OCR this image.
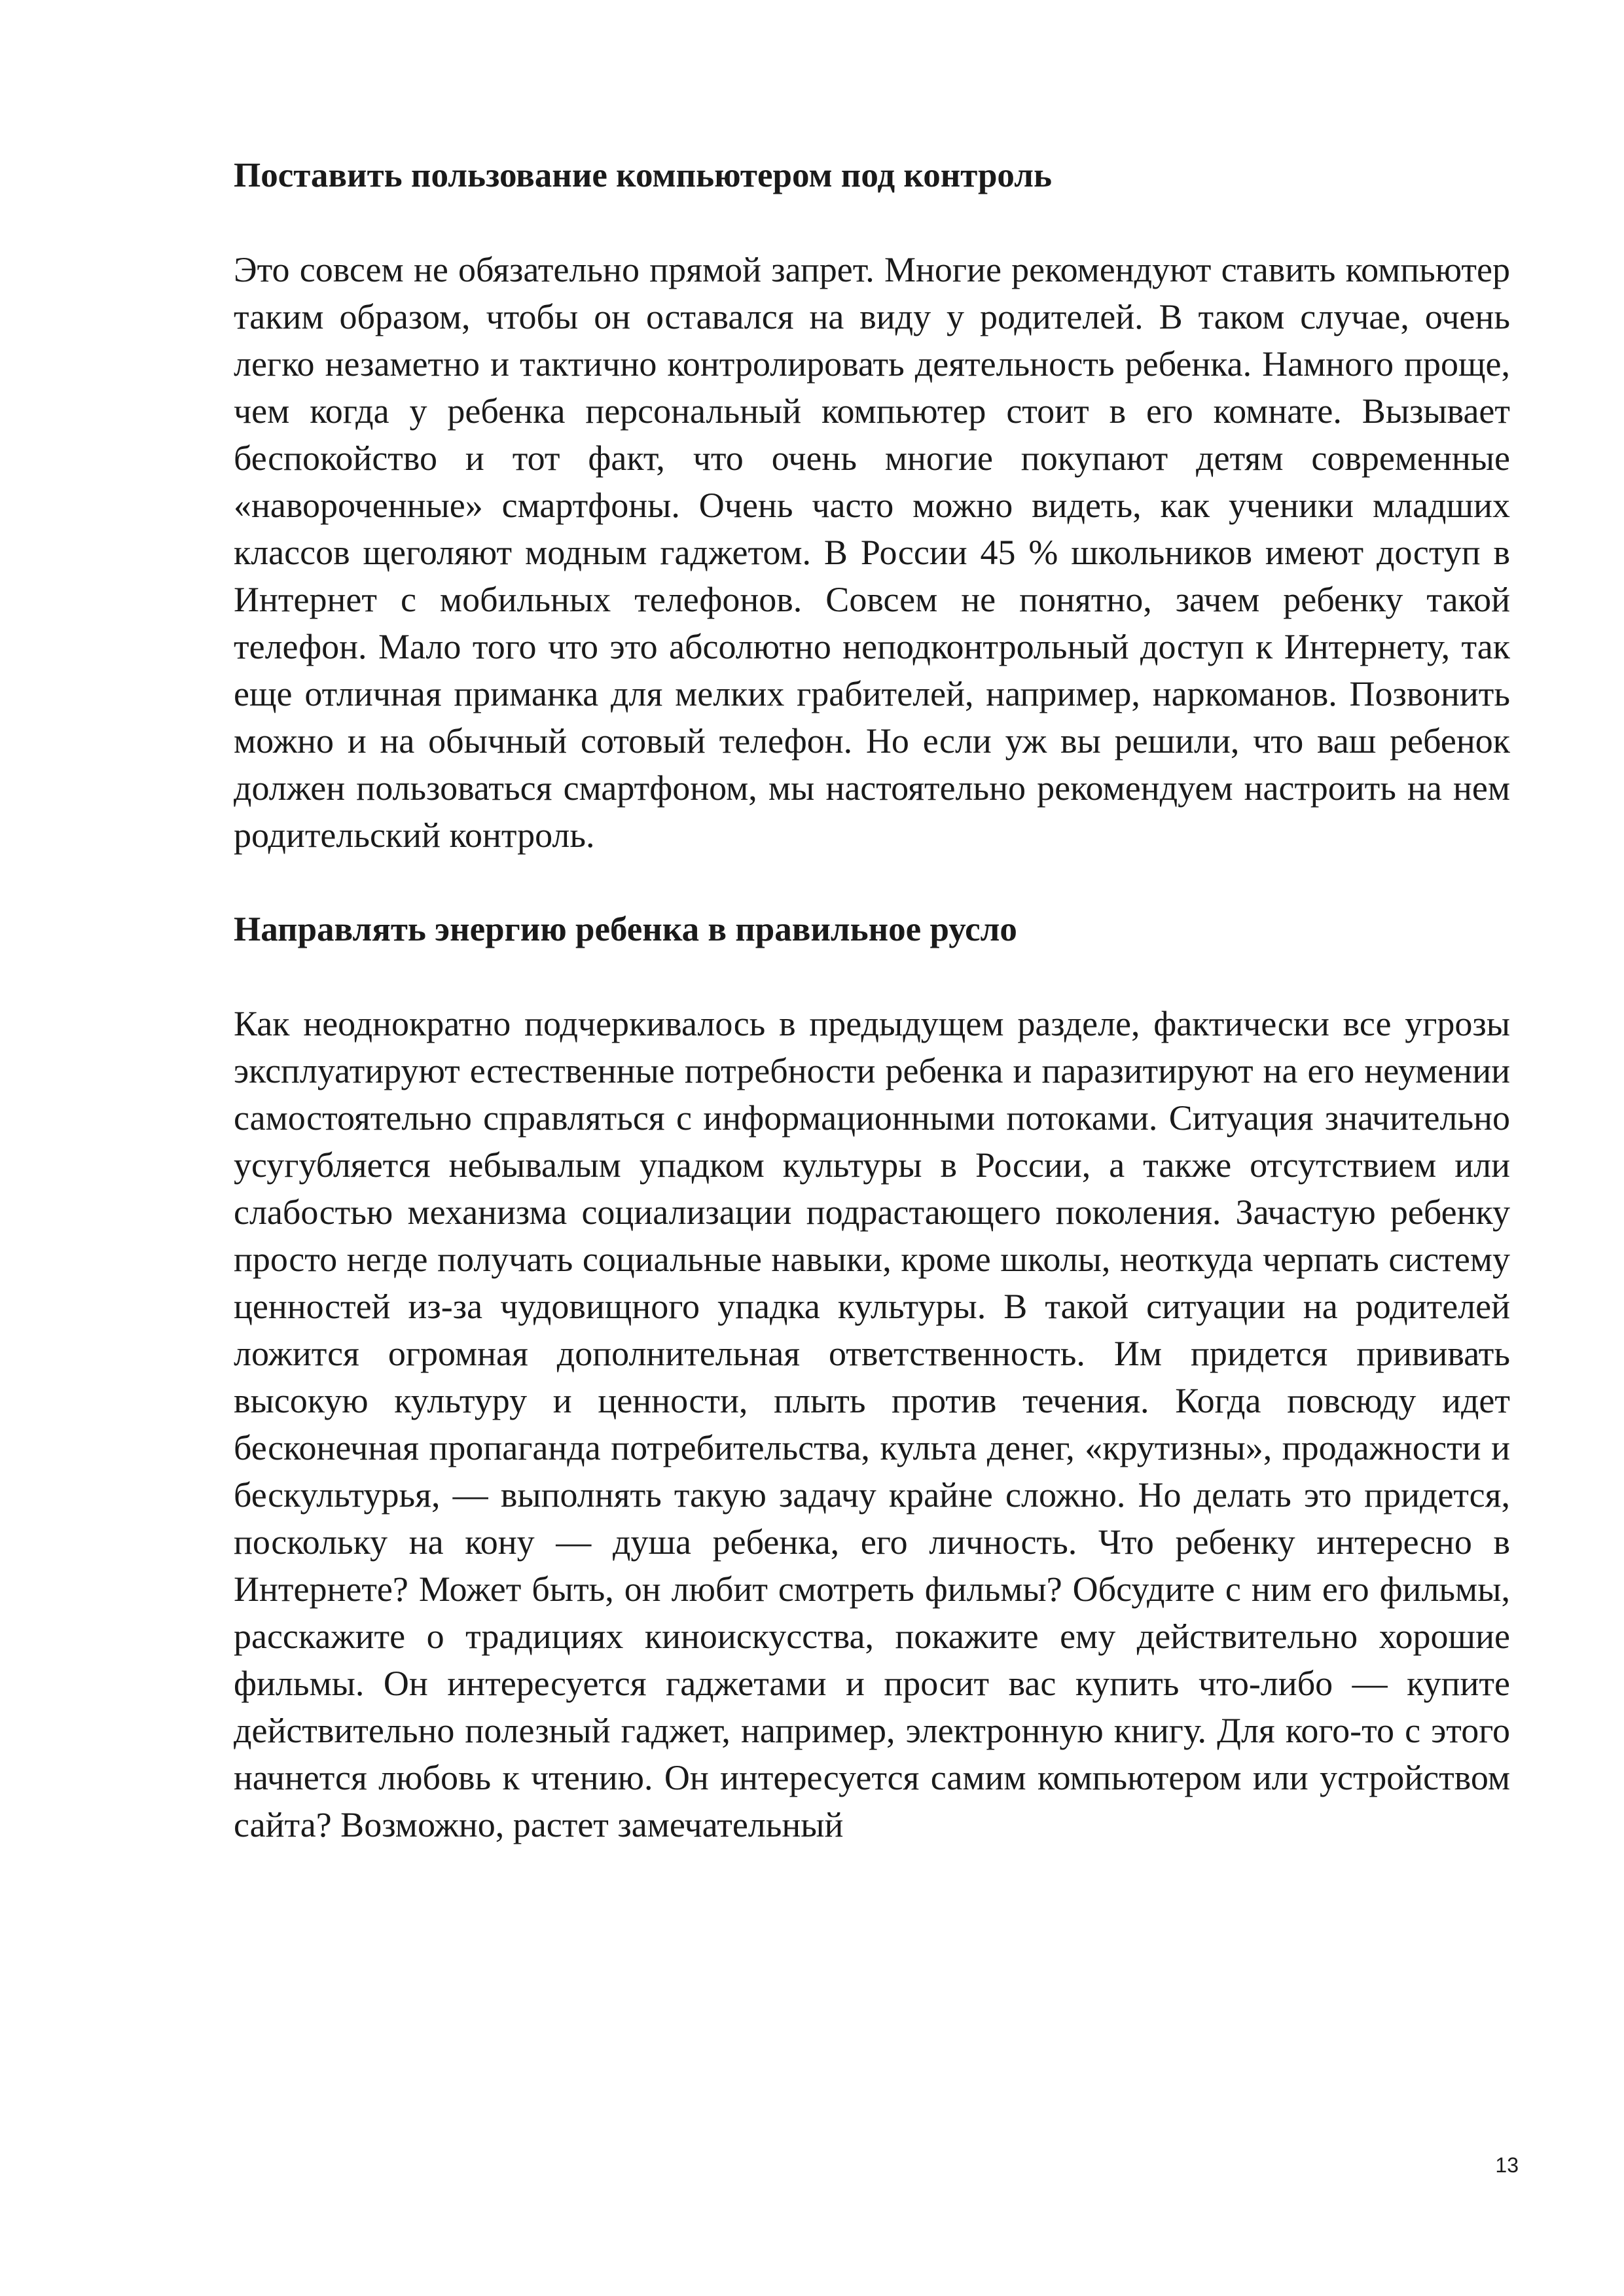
Поставить пользование компьютером под контроль

Это совсем не обязательно прямой запрет. Многие рекомендуют ставить компьютер таким образом, чтобы он оставался на виду у родителей. В таком случае, очень легко незаметно и тактично контролировать деятельность ребенка. Намного проще, чем когда у ребенка персональный компьютер стоит в его комнате. Вызывает беспокойство и тот факт, что очень многие покупают детям современные «навороченные» смартфоны. Очень часто можно видеть, как ученики младших классов щеголяют модным гаджетом. В России 45 % школьников имеют доступ в Интернет с мобильных телефонов. Совсем не понятно, зачем ребенку такой телефон. Мало того что это абсолютно неподконтрольный доступ к Интернету, так еще отличная приманка для мелких грабителей, например, наркоманов. Позвонить можно и на обычный сотовый телефон. Но если уж вы решили, что ваш ребенок должен пользоваться смартфоном, мы настоятельно рекомендуем настроить на нем родительский контроль.

Направлять энергию ребенка в правильное русло

Как неоднократно подчеркивалось в предыдущем разделе, фактически все угрозы эксплуатируют естественные потребности ребенка и паразитируют на его неумении самостоятельно справляться с информационными потоками. Ситуация значительно усугубляется небывалым упадком культуры в России, а также отсутствием или слабостью механизма социализации подрастающего поколения. Зачастую ребенку просто негде получать социальные навыки, кроме школы, неоткуда черпать систему ценностей из-за чудовищного упадка культуры. В такой ситуации на родителей ложится огромная дополнительная ответственность. Им придется прививать высокую культуру и ценности, плыть против течения. Когда повсюду идет бесконечная пропаганда потребительства, культа денег, «крутизны», продажности и бескультурья, — выполнять такую задачу крайне сложно. Но делать это придется, поскольку на кону — душа ребенка, его личность. Что ребенку интересно в Интернете? Может быть, он любит смотреть фильмы? Обсудите с ним его фильмы, расскажите о традициях киноискусства, покажите ему действительно хорошие фильмы. Он интересуется гаджетами и просит вас купить что-либо — купите действительно полезный гаджет, например, электронную книгу. Для кого-то с этого начнется любовь к чтению. Он интересуется самим компьютером или устройством сайта? Возможно, растет замечательный

13
